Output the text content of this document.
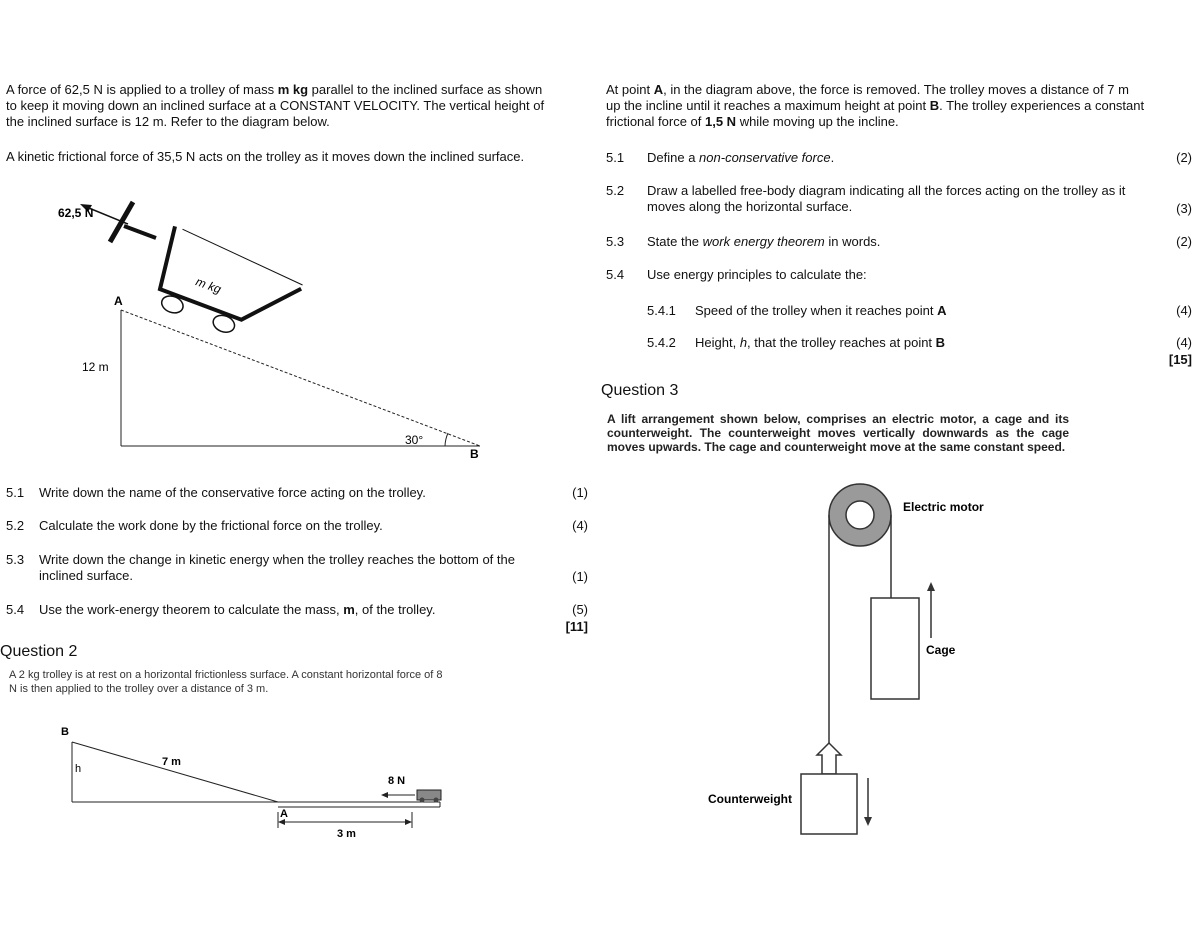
A force of 62,5 N is applied to a trolley of mass m kg parallel to the inclined surface as shown to keep it moving down an inclined surface at a CONSTANT VELOCITY. The vertical height of the inclined surface is 12 m. Refer to the diagram below.
A kinetic frictional force of 35,5 N acts on the trolley as it moves down the inclined surface.
62,5 N
m kg
A
12 m
30°
B
5.1 Write down the name of the conservative force acting on the trolley.	(1)
5.2 Calculate the work done by the frictional force on the trolley.	(4)
5.3	Write down the change in kinetic energy when the trolley reaches the bottom of the inclined surface.	(1)
5.4 Use the work-energy theorem to calculate the mass, m, of the trolley.	(5)
[11]
Question 2
A 2 kg trolley is at rest on a horizontal frictionless surface. A constant horizontal force of 8 N is then applied to the trolley over a distance of 3 m.
B
h
7 m
A
8 N
3 m
At point A, in the diagram above, the force is removed. The trolley moves a distance of 7 m up the incline until it reaches a maximum height at point B. The trolley experiences a constant frictional force of 1,5 N while moving up the incline.
5.1 Define a non-conservative force.	(2)
5.2	Draw a labelled free-body diagram indicating all the forces acting on the trolley as it moves along the horizontal surface.	(3)
5.3 State the work energy theorem in words.	(2)
5.4 Use energy principles to calculate the:
5.4.1 Speed of the trolley when it reaches point A	(4)
5.4.2 Height, h, that the trolley reaches at point B	(4)
[15]
Question 3
A lift arrangement shown below, comprises an electric motor, a cage and its counterweight. The counterweight moves vertically downwards as the cage moves upwards. The cage and counterweight move at the same constant speed.
Electric motor
Cage
Counterweight
